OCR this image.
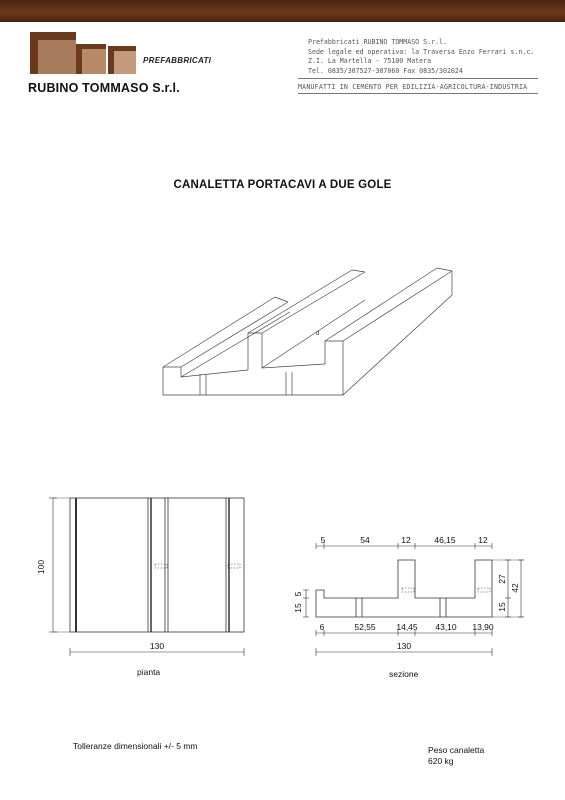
PREFABBRICATI
RUBINO TOMMASO S.r.l.
Prefabbricati RUBINO TOMMASO S.r.l.
Sede legale ed operativa: la Traversa Enzo Ferrari s.n.c.
Z.I. La Martella - 75100 Matera
Tel. 0835/307527-307060 Fax 0835/302024
MANUFATTI IN CEMENTO PER EDILIZIA-AGRICOLTURA-INDUSTRIA
CANALETTA PORTACAVI A DUE GOLE
d
100
130
5	54	12	46,15	12
6	52,55 14,45 43,10 13,90
130
15
5
27
15
42
pianta	sezione
Tolleranze dimensionali +/- 5 mm	Peso canaletta
620 kg
